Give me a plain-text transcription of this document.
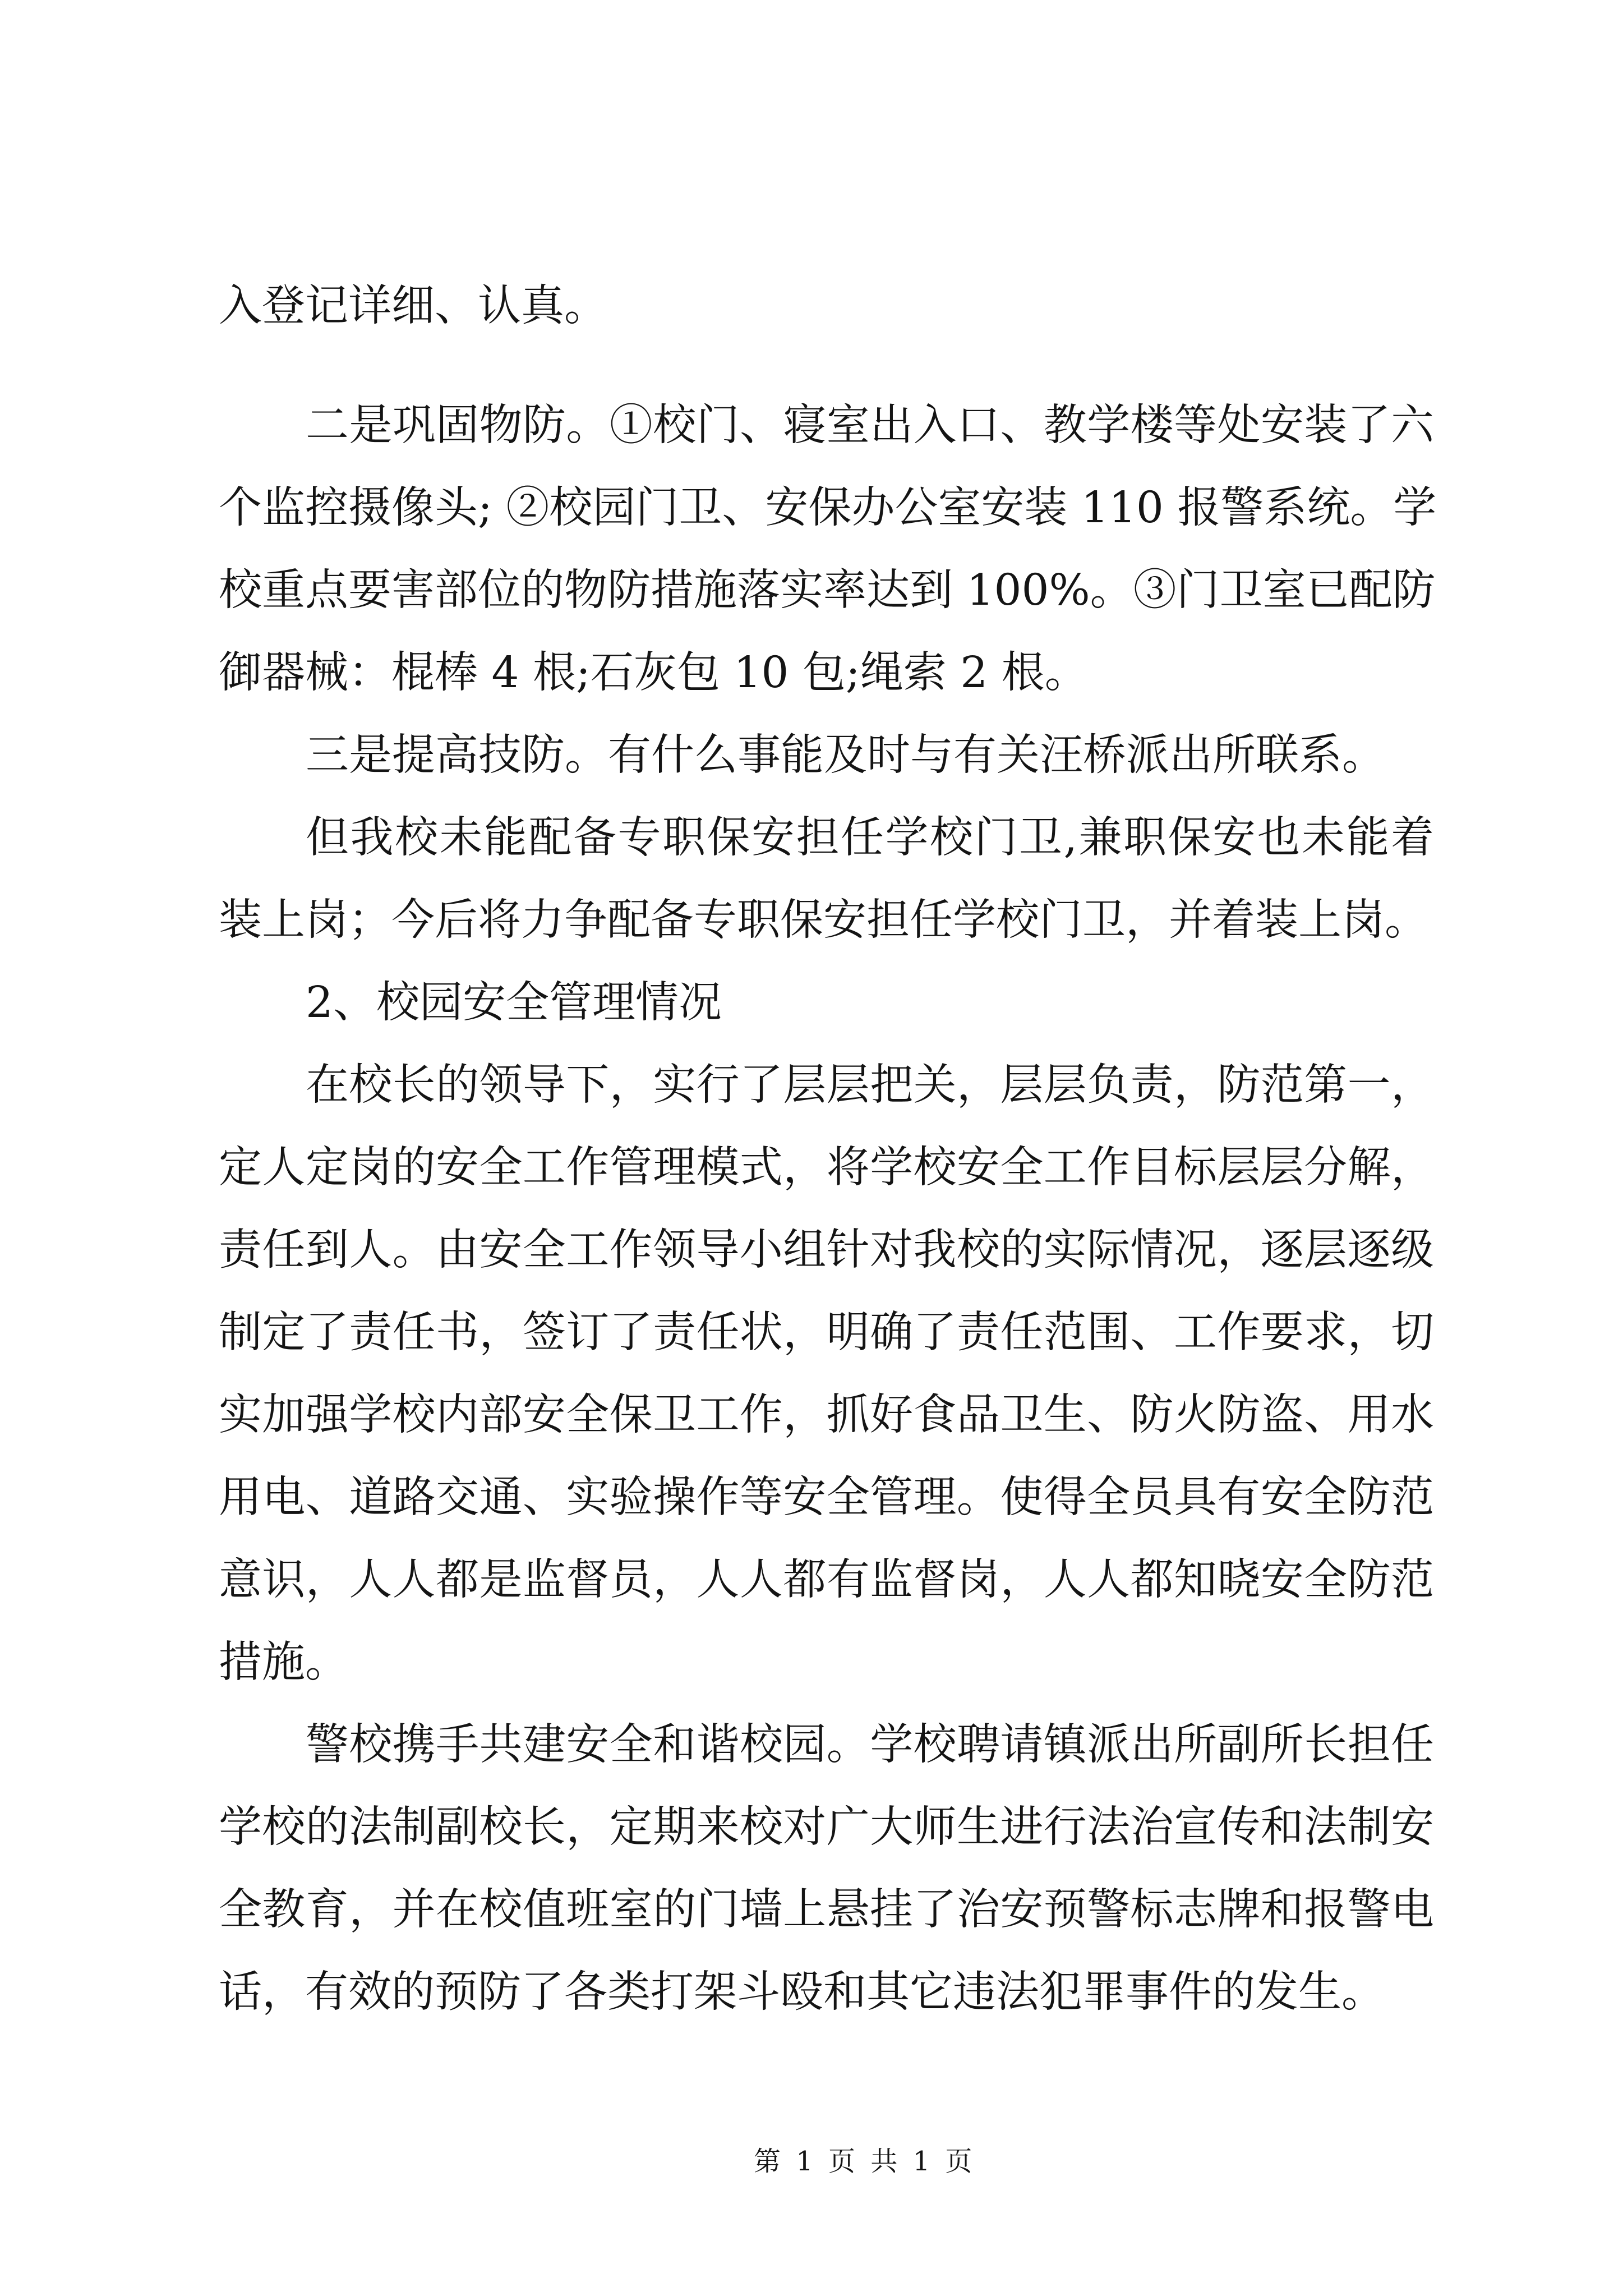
入登记详细、认真。
二是巩固物防。①校门、寝室出入口、教学楼等处安装了六
个监控摄像头; ②校园门卫、安保办公室安装 110 报警系统。学
校重点要害部位的物防措施落实率达到 100%。③门卫室已配防
御器械：棍棒 4 根;石灰包 10 包;绳索 2 根。
三是提高技防。有什么事能及时与有关汪桥派出所联系。
但我校未能配备专职保安担任学校门卫,兼职保安也未能着
装上岗；今后将力争配备专职保安担任学校门卫，并着装上岗。
2、校园安全管理情况
在校长的领导下，实行了层层把关，层层负责，防范第一，
定人定岗的安全工作管理模式，将学校安全工作目标层层分解，
责任到人。由安全工作领导小组针对我校的实际情况，逐层逐级
制定了责任书，签订了责任状，明确了责任范围、工作要求，切
实加强学校内部安全保卫工作，抓好食品卫生、防火防盗、用水
用电、道路交通、实验操作等安全管理。使得全员具有安全防范
意识，人人都是监督员，人人都有监督岗，人人都知晓安全防范
措施。
警校携手共建安全和谐校园。学校聘请镇派出所副所长担任
学校的法制副校长，定期来校对广大师生进行法治宣传和法制安
全教育，并在校值班室的门墙上悬挂了治安预警标志牌和报警电
话，有效的预防了各类打架斗殴和其它违法犯罪事件的发生。
第 1 页 共 1 页
